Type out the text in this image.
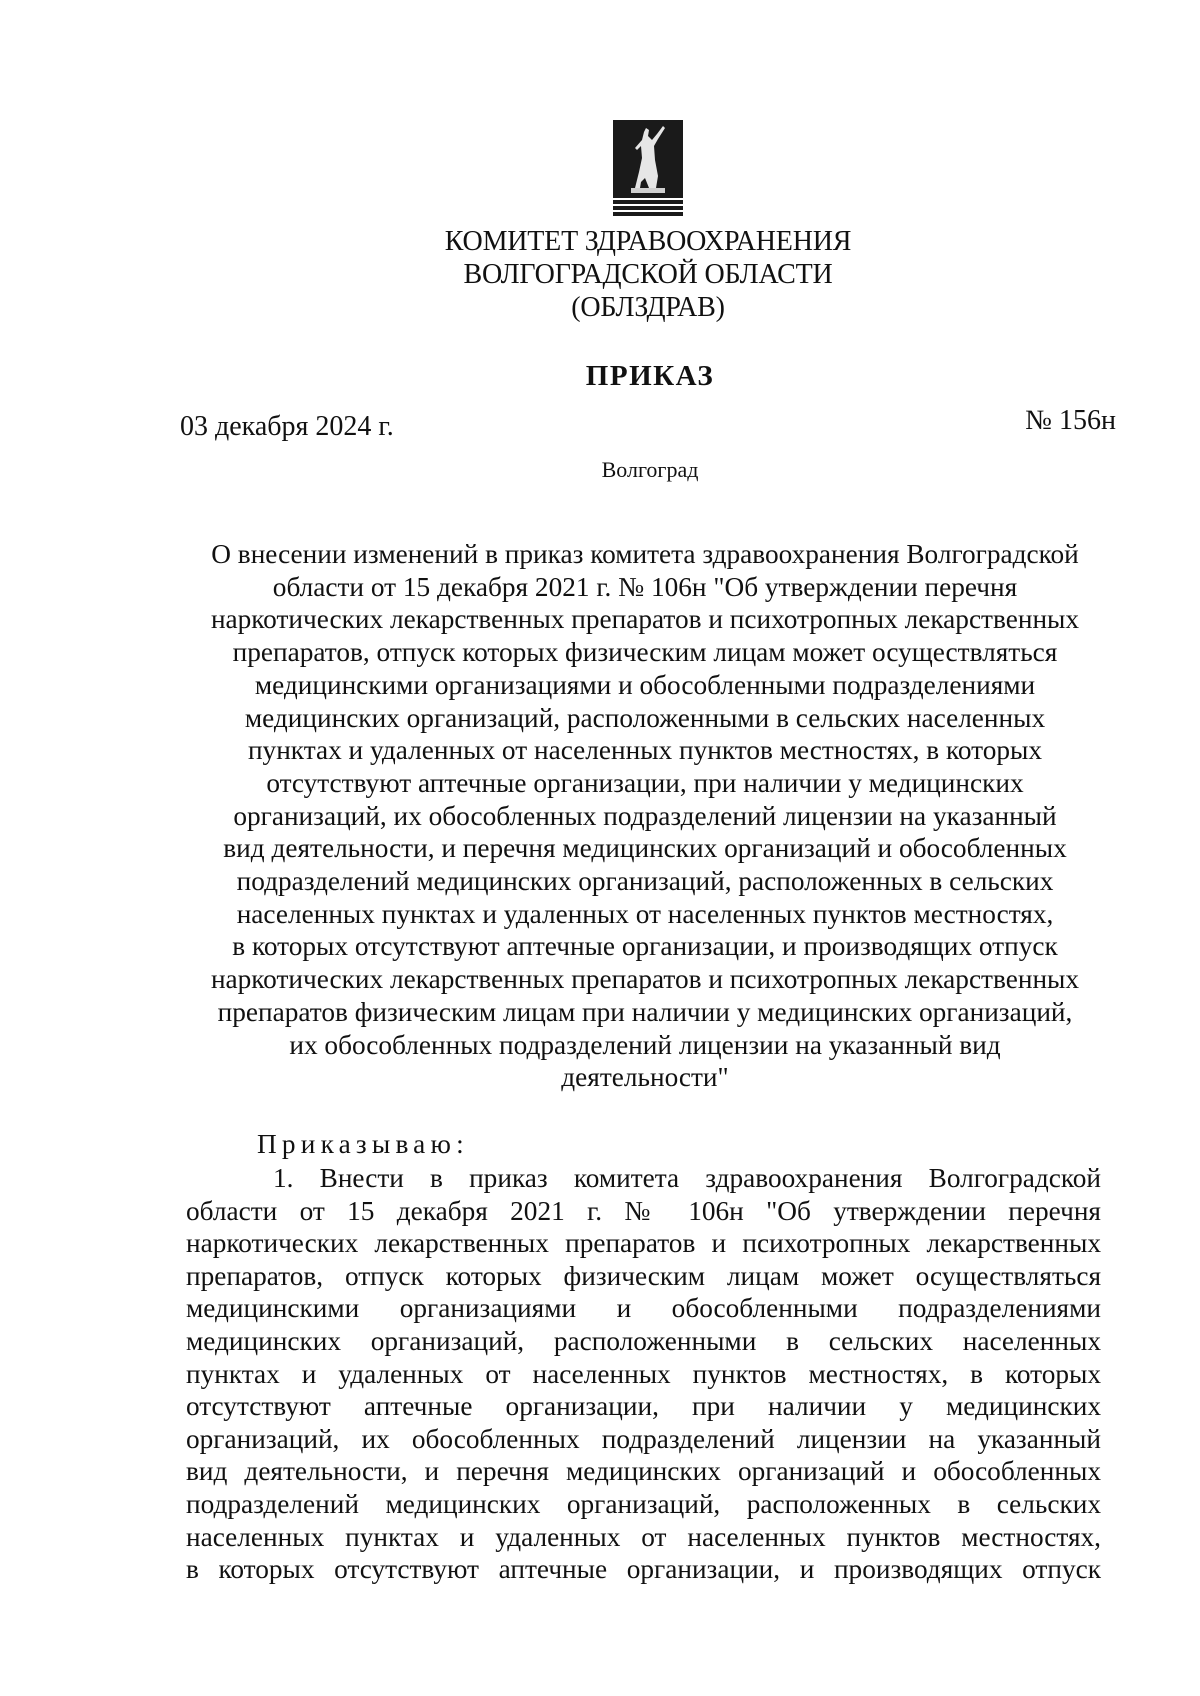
КОМИТЕТ ЗДРАВООХРАНЕНИЯ
ВОЛГОГРАДСКОЙ ОБЛАСТИ
(ОБЛЗДРАВ)
ПРИКАЗ
03 декабря 2024 г.	№ 156н
Волгоград
О внесении изменений в приказ комитета здравоохранения Волгоградской
области от 15 декабря 2021 г. № 106н "Об утверждении перечня
наркотических лекарственных препаратов и психотропных лекарственных
препаратов, отпуск которых физическим лицам может осуществляться
медицинскими организациями и обособленными подразделениями
медицинских организаций, расположенными в сельских населенных
пунктах и удаленных от населенных пунктов местностях, в которых
отсутствуют аптечные организации, при наличии у медицинских
организаций, их обособленных подразделений лицензии на указанный
вид деятельности, и перечня медицинских организаций и обособленных
подразделений медицинских организаций, расположенных в сельских
населенных пунктах и удаленных от населенных пунктов местностях,
в которых отсутствуют аптечные организации, и производящих отпуск
наркотических лекарственных препаратов и психотропных лекарственных
препаратов физическим лицам при наличии у медицинских организаций,
их обособленных подразделений лицензии на указанный вид
деятельности"
Приказываю:
1. Внести в приказ комитета здравоохранения Волгоградской
области от 15 декабря 2021 г. № 106н "Об утверждении перечня
наркотических лекарственных препаратов и психотропных лекарственных
препаратов, отпуск которых физическим лицам может осуществляться
медицинскими организациями и обособленными подразделениями
медицинских организаций, расположенными в сельских населенных
пунктах и удаленных от населенных пунктов местностях, в которых
отсутствуют аптечные организации, при наличии у медицинских
организаций, их обособленных подразделений лицензии на указанный
вид деятельности, и перечня медицинских организаций и обособленных
подразделений медицинских организаций, расположенных в сельских
населенных пунктах и удаленных от населенных пунктов местностях,
в которых отсутствуют аптечные организации, и производящих отпуск
